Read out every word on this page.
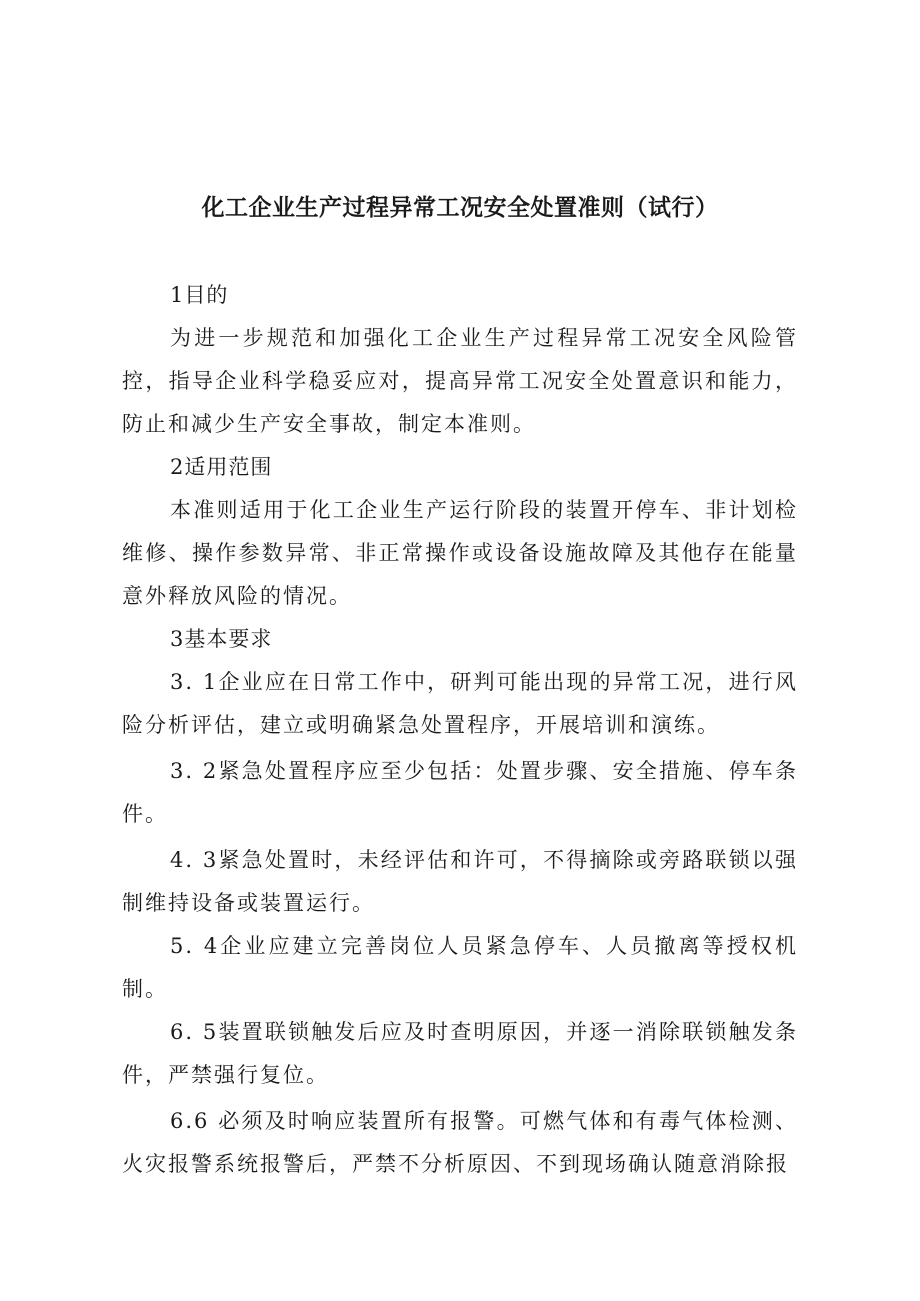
化工企业生产过程异常工况安全处置准则（试行）

1目的

为进一步规范和加强化工企业生产过程异常工况安全风险管控，指导企业科学稳妥应对，提高异常工况安全处置意识和能力，防止和减少生产安全事故，制定本准则。

2适用范围

本准则适用于化工企业生产运行阶段的装置开停车、非计划检维修、操作参数异常、非正常操作或设备设施故障及其他存在能量意外释放风险的情况。

3基本要求

3. 1企业应在日常工作中，研判可能出现的异常工况，进行风险分析评估，建立或明确紧急处置程序，开展培训和演练。

3. 2紧急处置程序应至少包括：处置步骤、安全措施、停车条件。

4. 3紧急处置时，未经评估和许可，不得摘除或旁路联锁以强制维持设备或装置运行。

5. 4企业应建立完善岗位人员紧急停车、人员撤离等授权机制。

6. 5装置联锁触发后应及时查明原因，并逐一消除联锁触发条件，严禁强行复位。

6.6 必须及时响应装置所有报警。可燃气体和有毒气体检测、火灾报警系统报警后，严禁不分析原因、不到现场确认随意消除报
